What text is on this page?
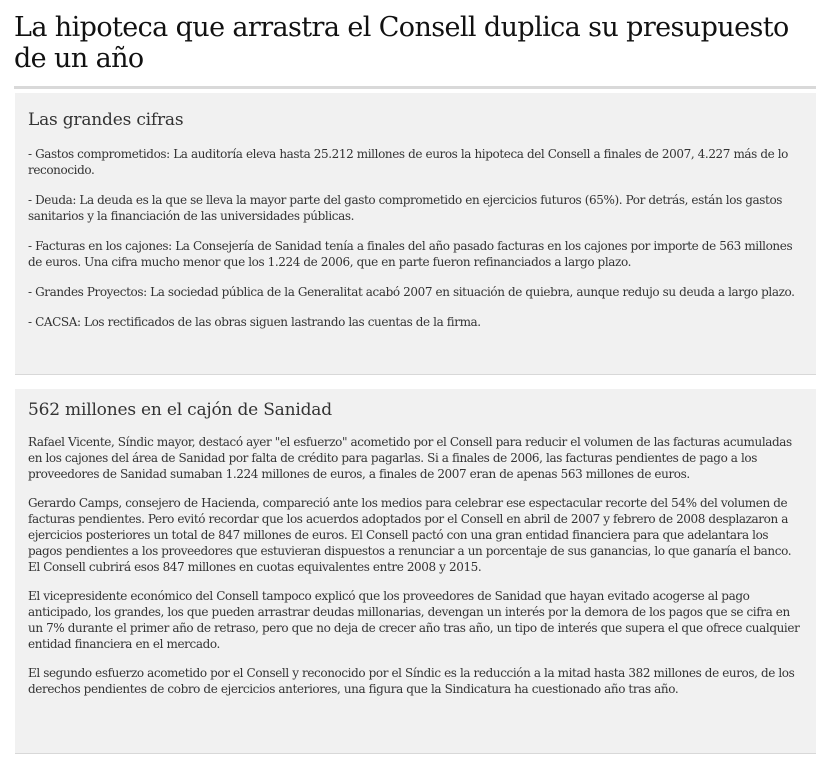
La hipoteca que arrastra el Consell duplica su presupuesto de un año
Las grandes cifras

- Gastos comprometidos: La auditoría eleva hasta 25.212 millones de euros la hipoteca del Consell a finales de 2007, 4.227 más de lo reconocido.

- Deuda: La deuda es la que se lleva la mayor parte del gasto comprometido en ejercicios futuros (65%). Por detrás, están los gastos sanitarios y la financiación de las universidades públicas.

- Facturas en los cajones: La Consejería de Sanidad tenía a finales del año pasado facturas en los cajones por importe de 563 millones de euros. Una cifra mucho menor que los 1.224 de 2006, que en parte fueron refinanciados a largo plazo.

- Grandes Proyectos: La sociedad pública de la Generalitat acabó 2007 en situación de quiebra, aunque redujo su deuda a largo plazo.

- CACSA: Los rectificados de las obras siguen lastrando las cuentas de la firma.

562 millones en el cajón de Sanidad

Rafael Vicente, Síndic mayor, destacó ayer "el esfuerzo" acometido por el Consell para reducir el volumen de las facturas acumuladas en los cajones del área de Sanidad por falta de crédito para pagarlas. Si a finales de 2006, las facturas pendientes de pago a los proveedores de Sanidad sumaban 1.224 millones de euros, a finales de 2007 eran de apenas 563 millones de euros.

Gerardo Camps, consejero de Hacienda, compareció ante los medios para celebrar ese espectacular recorte del 54% del volumen de facturas pendientes. Pero evitó recordar que los acuerdos adoptados por el Consell en abril de 2007 y febrero de 2008 desplazaron a ejercicios posteriores un total de 847 millones de euros. El Consell pactó con una gran entidad financiera para que adelantara los pagos pendientes a los proveedores que estuvieran dispuestos a renunciar a un porcentaje de sus ganancias, lo que ganaría el banco. El Consell cubrirá esos 847 millones en cuotas equivalentes entre 2008 y 2015.

El vicepresidente económico del Consell tampoco explicó que los proveedores de Sanidad que hayan evitado acogerse al pago anticipado, los grandes, los que pueden arrastrar deudas millonarias, devengan un interés por la demora de los pagos que se cifra en un 7% durante el primer año de retraso, pero que no deja de crecer año tras año, un tipo de interés que supera el que ofrece cualquier entidad financiera en el mercado.

El segundo esfuerzo acometido por el Consell y reconocido por el Síndic es la reducción a la mitad hasta 382 millones de euros, de los derechos pendientes de cobro de ejercicios anteriores, una figura que la Sindicatura ha cuestionado año tras año.
